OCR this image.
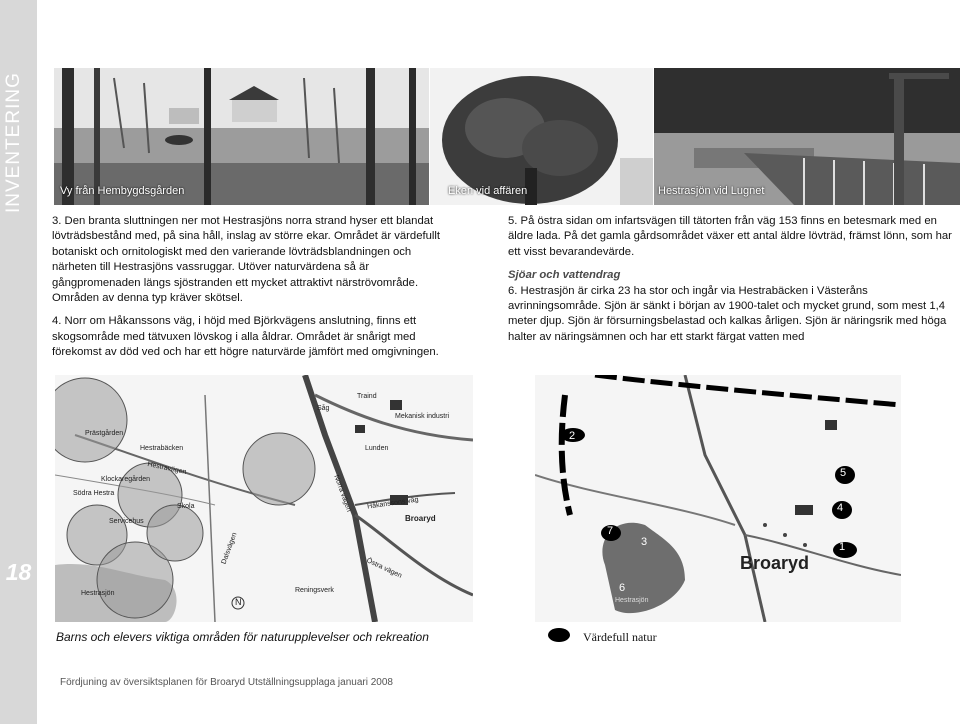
INVENTERING
18
Vy från Hembygdsgården	Eken vid affären	Hestrasjön vid Lugnet

3. Den branta sluttningen ner mot Hestrasjöns norra strand hyser ett blandat lövträdsbestånd med, på sina håll, inslag av större ekar. Området är värdefullt botaniskt och ornitologiskt med den varierande lövträdsblandningen och närheten till Hestrasjöns vassruggar. Utöver naturvärdena så är gångpromenaden längs sjöstranden ett mycket attraktivt närströvområde. Områden av denna typ kräver skötsel.

4. Norr om Håkanssons väg, i höjd med Björkvägens anslutning, finns ett skogsområde med tätvuxen lövskog i alla åldrar. Området är snårigt med förekomst av död ved och har ett högre naturvärde jämfört med omgivningen.

5. På östra sidan om infartsvägen till tätorten från väg 153 finns en betesmark med en äldre lada. På det gamla gårdsområdet växer ett antal äldre lövträd, främst lönn, som har ett visst bevarandevärde.

Sjöar och vattendrag

6. Hestrasjön är cirka 23 ha stor och ingår via Hestrabäcken i Västeråns avrinningsområde. Sjön är sänkt i början av 1900-talet och mycket grund, som mest 1,4 meter djup. Sjön är försurningsbelastad och kalkas årligen. Sjön är näringsrik med höga halter av näringsämnen och har ett starkt färgat vatten med

Prästgården
Hestrabäcken
Hestravägen
Klockaregården
Södra Hestra
Servicehus
Skola
Hestrasjön
Dalsvägen
Traind
Såg
Mekanisk industri
Lunden
Norra vägen Håkanssons väg
Broaryd
Östra vägen
Reningsverk
N
2
5
4
7
3	1
6
Broaryd
Hestrasjön
Barns och elevers viktiga områden för naturupplevelser och rekreation	Värdefull natur
Fördjuning av översiktsplanen för Broaryd Utställningsupplaga januari 2008
